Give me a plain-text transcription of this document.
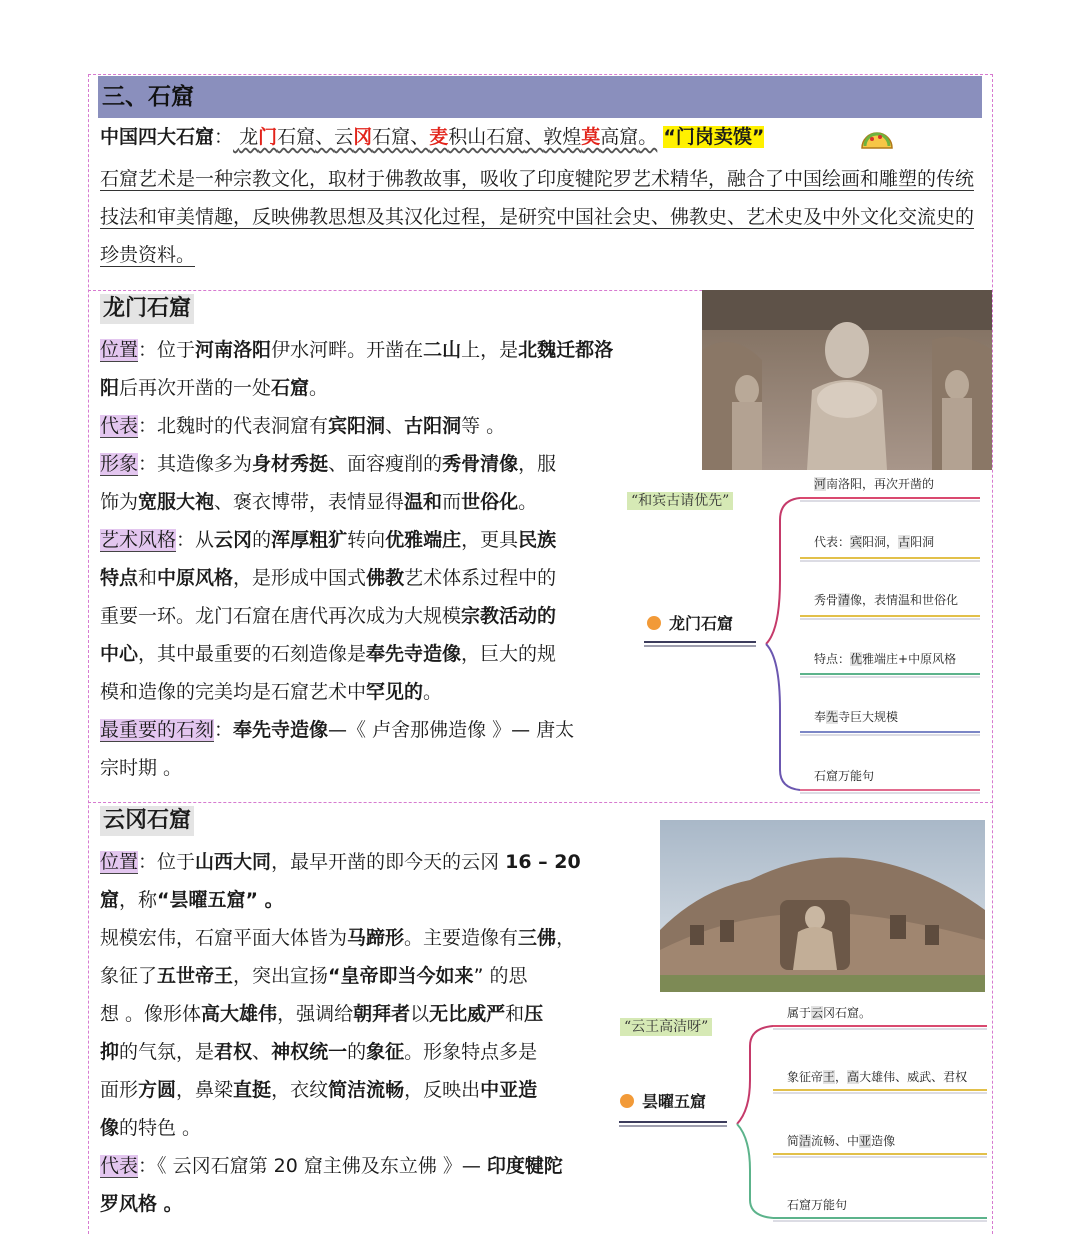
三、石窟
中国四大石窟： 龙门石窟、云冈石窟、麦积山石窟、敦煌莫高窟。 “门岗卖馍”
石窟艺术是一种宗教文化，取材于佛教故事，吸收了印度犍陀罗艺术精华，融合了中国绘画和雕塑的传统技法和审美情趣，反映佛教思想及其汉化过程，是研究中国社会史、佛教史、艺术史及中外文化交流史的珍贵资料。
龙门石窟
位置：位于河南洛阳伊水河畔。开凿在二山上，是北魏迁都洛
阳后再次开凿的一处石窟。
代表：北魏时的代表洞窟有宾阳洞、古阳洞等 。
形象：其造像多为身材秀挺、面容瘦削的秀骨清像，服
饰为宽服大袍、褒衣博带，表情显得温和而世俗化。
艺术风格：从云冈的浑厚粗犷转向优雅端庄，更具民族
特点和中原风格，是形成中国式佛教艺术体系过程中的
重要一环。龙门石窟在唐代再次成为大规模宗教活动的
中心，其中最重要的石刻造像是奉先寺造像，巨大的规
模和造像的完美均是石窟艺术中罕见的。
最重要的石刻：奉先寺造像—《 卢舍那佛造像 》— 唐太
宗时期 。
“和宾古请优先”
龙门石窟
河南洛阳，再次开凿的
代表：宾阳洞，古阳洞
秀骨清像，表情温和世俗化
特点：优雅端庄+中原风格
奉先寺巨大规模
石窟万能句
云冈石窟
位置：位于山西大同，最早开凿的即今天的云冈 16 – 20
窟，称“昙曜五窟” 。
规模宏伟，石窟平面大体皆为马蹄形。主要造像有三佛，
象征了五世帝王，突出宣扬“皇帝即当今如来” 的思
想 。像形体高大雄伟，强调给朝拜者以无比威严和压
抑的气氛，是君权、神权统一的象征。形象特点多是
面形方圆，鼻梁直挺，衣纹简洁流畅，反映出中亚造
像的特色 。
代表：《 云冈石窟第 20 窟主佛及东立佛 》— 印度犍陀
罗风格 。
“云王高洁呀”
昙曜五窟
属于云冈石窟。
象征帝王，高大雄伟、威武、君权
简洁流畅、中亚造像
石窟万能句
